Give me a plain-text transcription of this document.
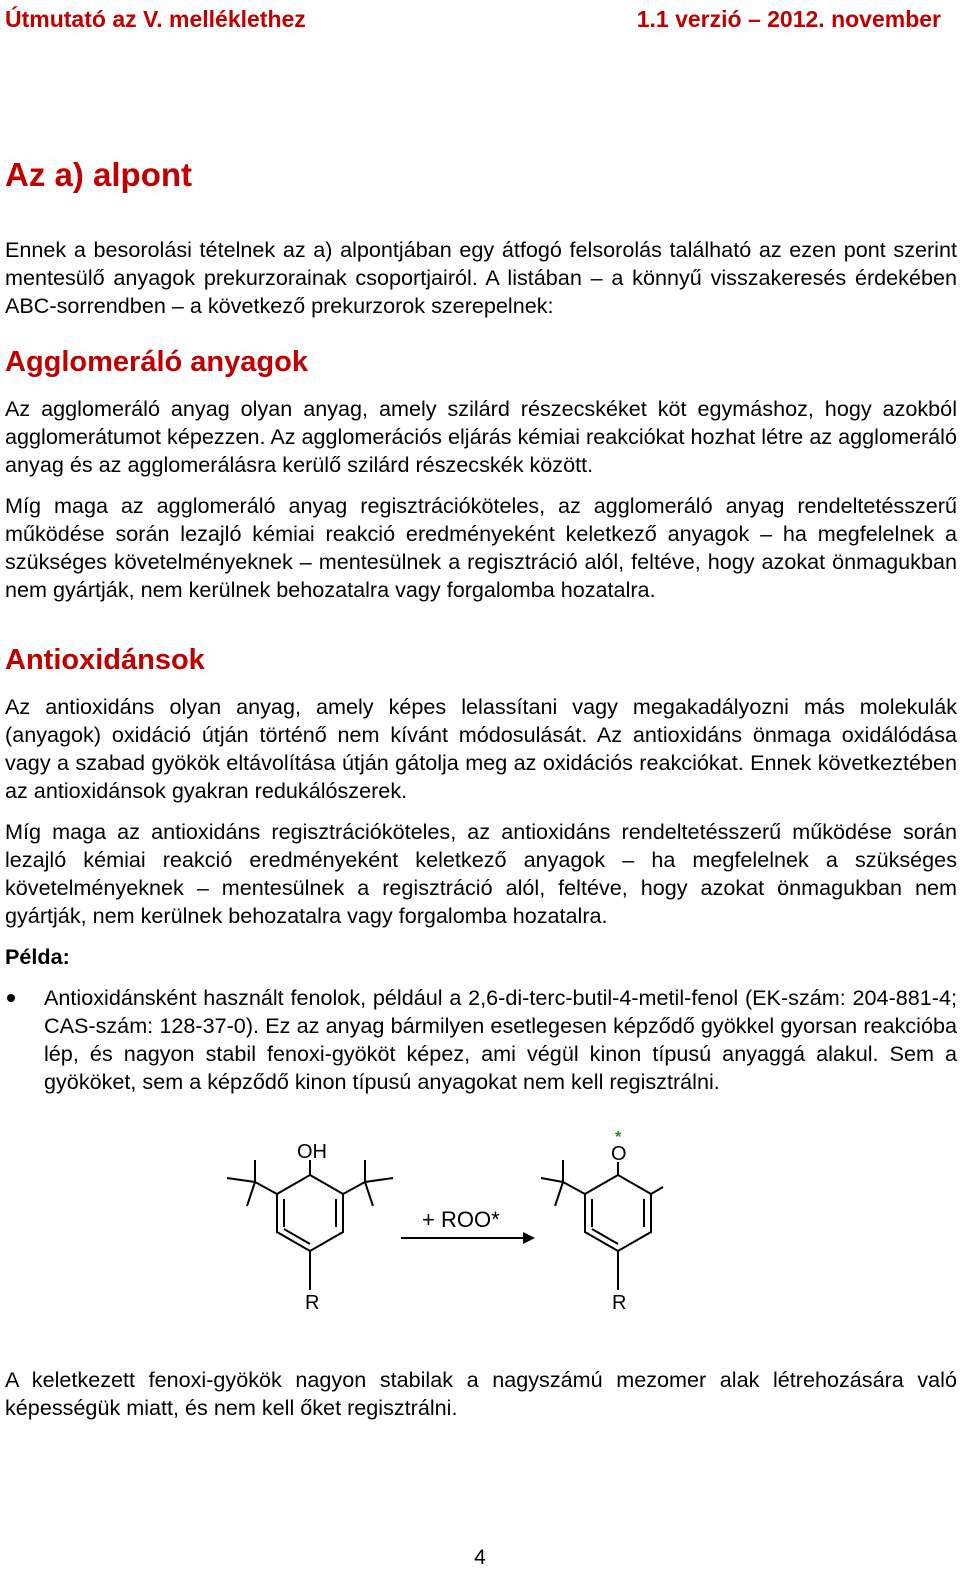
Útmutató az V. melléklethez	1.1 verzió – 2012. november
Az a) alpont

Ennek a besorolási tételnek az a) alpontjában egy átfogó felsorolás található az ezen pont szerint mentesülő anyagok prekurzorainak csoportjairól. A listában – a könnyű visszakeresés érdekében ABC-sorrendben – a következő prekurzorok szerepelnek:

Agglomeráló anyagok

Az agglomeráló anyag olyan anyag, amely szilárd részecskéket köt egymáshoz, hogy azokból agglomerátumot képezzen. Az agglomerációs eljárás kémiai reakciókat hozhat létre az agglomeráló anyag és az agglomerálásra kerülő szilárd részecskék között.

Míg maga az agglomeráló anyag regisztrációköteles, az agglomeráló anyag rendeltetésszerű működése során lezajló kémiai reakció eredményeként keletkező anyagok – ha megfelelnek a szükséges követelményeknek – mentesülnek a regisztráció alól, feltéve, hogy azokat önmagukban nem gyártják, nem kerülnek behozatalra vagy forgalomba hozatalra.

Antioxidánsok

Az antioxidáns olyan anyag, amely képes lelassítani vagy megakadályozni más molekulák (anyagok) oxidáció útján történő nem kívánt módosulását. Az antioxidáns önmaga oxidálódása vagy a szabad gyökök eltávolítása útján gátolja meg az oxidációs reakciókat. Ennek következtében az antioxidánsok gyakran redukálószerek.

Míg maga az antioxidáns regisztrációköteles, az antioxidáns rendeltetésszerű működése során lezajló kémiai reakció eredményeként keletkező anyagok – ha megfelelnek a szükséges követelményeknek – mentesülnek a regisztráció alól, feltéve, hogy azokat önmagukban nem gyártják, nem kerülnek behozatalra vagy forgalomba hozatalra.

Példa:

Antioxidánsként használt fenolok, például a 2,6-di-terc-butil-4-metil-fenol (EK-szám: 204-881-4; CAS-szám: 128-37-0). Ez az anyag bármilyen esetlegesen képződő gyökkel gyorsan reakcióba lép, és nagyon stabil fenoxi-gyököt képez, ami végül kinon típusú anyaggá alakul. Sem a gyököket, sem a képződő kinon típusú anyagokat nem kell regisztrálni.

A keletkezett fenoxi-gyökök nagyon stabilak a nagyszámú mezomer alak létrehozására való képességük miatt, és nem kell őket regisztrálni.

OH
R
+ ROO*
O
*
R
4
